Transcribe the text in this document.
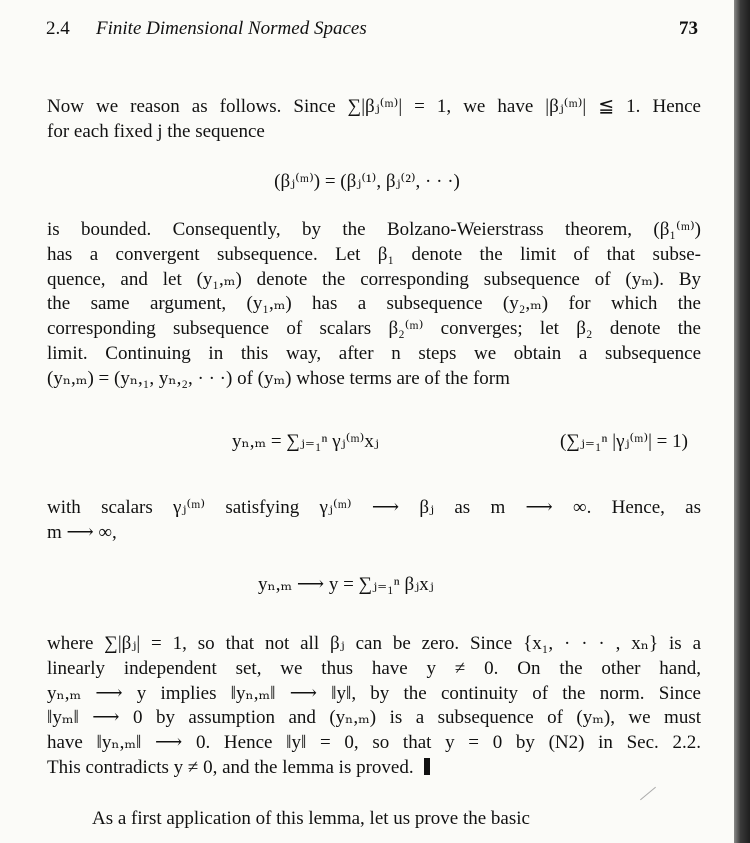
2.4 Finite Dimensional Normed Spaces	73
Now we reason as follows. Since ∑|βⱼ⁽ᵐ⁾| = 1, we have |βⱼ⁽ᵐ⁾| ≦ 1. Hence
for each fixed j the sequence
(βⱼ⁽ᵐ⁾) = (βⱼ⁽¹⁾, βⱼ⁽²⁾, · · ·)
is bounded. Consequently, by the Bolzano-Weierstrass theorem, (β₁⁽ᵐ⁾)
has a convergent subsequence. Let β₁ denote the limit of that subse-
quence, and let (y₁,ₘ) denote the corresponding subsequence of (yₘ). By
the same argument, (y₁,ₘ) has a subsequence (y₂,ₘ) for which the
corresponding subsequence of scalars β₂⁽ᵐ⁾ converges; let β₂ denote the
limit. Continuing in this way, after n steps we obtain a subsequence
(yₙ,ₘ) = (yₙ,₁, yₙ,₂, · · ·) of (yₘ) whose terms are of the form
yₙ,ₘ = ∑ⱼ₌₁ⁿ γⱼ⁽ᵐ⁾xⱼ	(∑ⱼ₌₁ⁿ |γⱼ⁽ᵐ⁾| = 1)
with scalars γⱼ⁽ᵐ⁾ satisfying γⱼ⁽ᵐ⁾ ⟶ βⱼ as m ⟶ ∞. Hence, as
m ⟶ ∞,
yₙ,ₘ ⟶ y = ∑ⱼ₌₁ⁿ βⱼxⱼ
where ∑|βⱼ| = 1, so that not all βⱼ can be zero. Since {x₁, · · · , xₙ} is a
linearly independent set, we thus have y ≠ 0. On the other hand,
yₙ,ₘ ⟶ y implies ‖yₙ,ₘ‖ ⟶ ‖y‖, by the continuity of the norm. Since
‖yₘ‖ ⟶ 0 by assumption and (yₙ,ₘ) is a subsequence of (yₘ), we must
have ‖yₙ,ₘ‖ ⟶ 0. Hence ‖y‖ = 0, so that y = 0 by (N2) in Sec. 2.2.
This contradicts y ≠ 0, and the lemma is proved.
As a first application of this lemma, let us prove the basic
